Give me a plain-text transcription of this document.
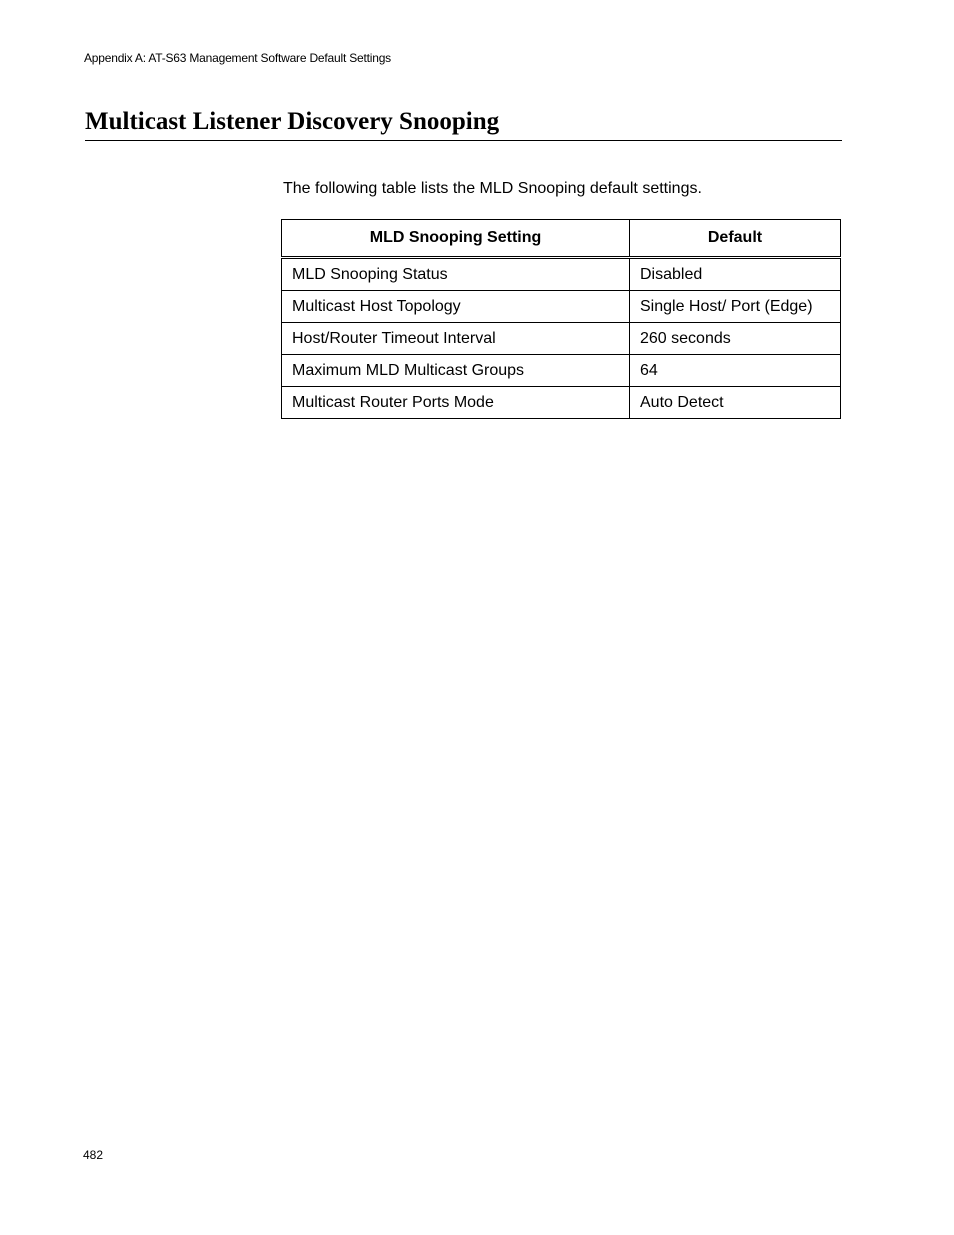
Appendix A: AT-S63 Management Software Default Settings
Multicast Listener Discovery Snooping

The following table lists the MLD Snooping default settings.

MLD Snooping Setting	Default
MLD Snooping Status	Disabled
Multicast Host Topology	Single Host/ Port (Edge)
Host/Router Timeout Interval	260 seconds
Maximum MLD Multicast Groups	64
Multicast Router Ports Mode	Auto Detect
482
